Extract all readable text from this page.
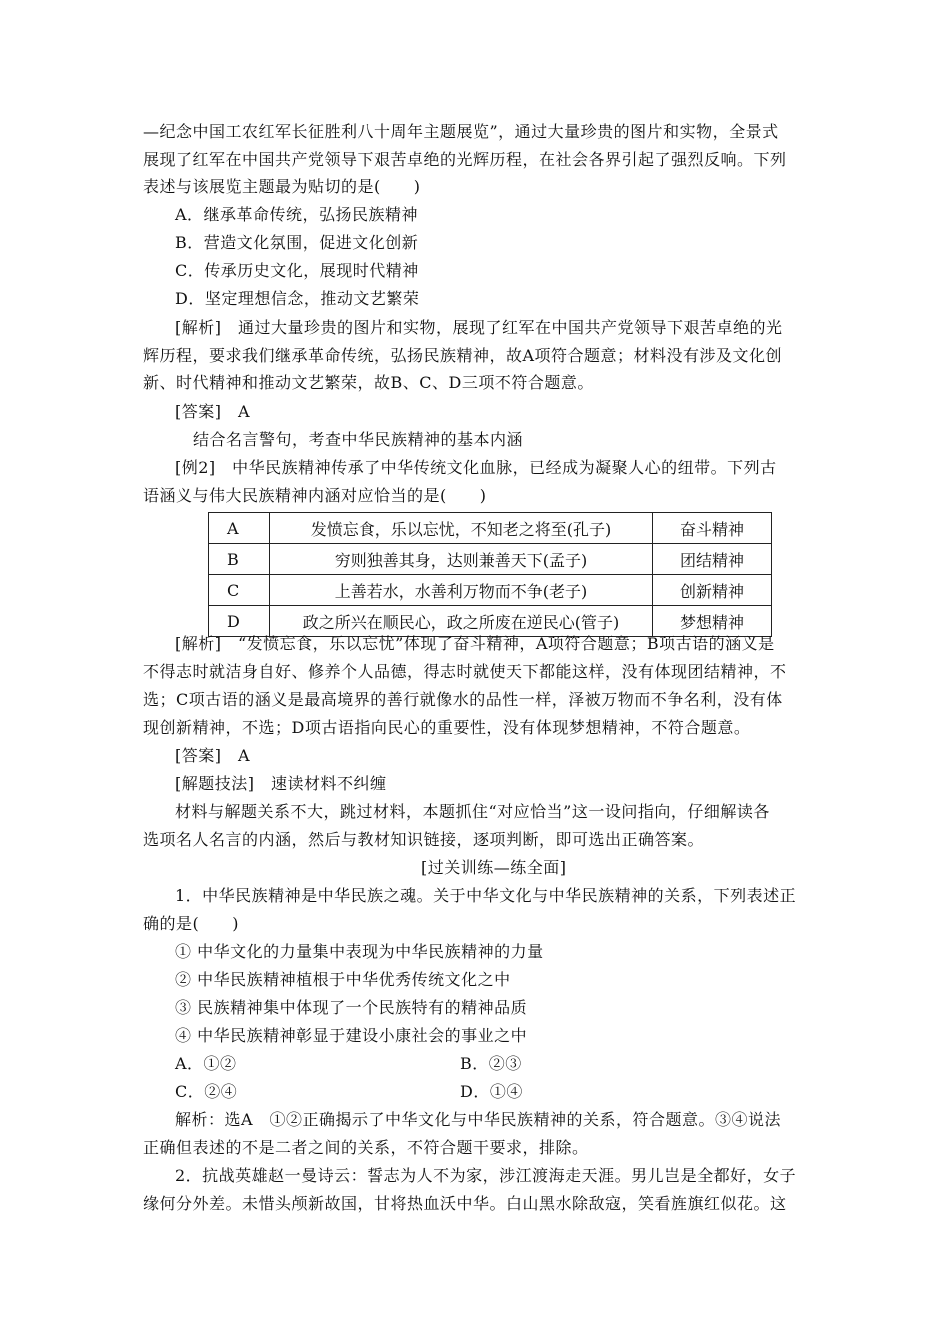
—纪念中国工农红军长征胜利八十周年主题展览”，通过大量珍贵的图片和实物，全景式
展现了红军在中国共产党领导下艰苦卓绝的光辉历程，在社会各界引起了强烈反响。下列
表述与该展览主题最为贴切的是(　　)
A．继承革命传统，弘扬民族精神
B．营造文化氛围，促进文化创新
C．传承历史文化，展现时代精神
D．坚定理想信念，推动文艺繁荣
[解析]　通过大量珍贵的图片和实物，展现了红军在中国共产党领导下艰苦卓绝的光
辉历程，要求我们继承革命传统，弘扬民族精神，故A项符合题意；材料没有涉及文化创
新、时代精神和推动文艺繁荣，故B、C、D三项不符合题意。
[答案]　A
结合名言警句，考查中华民族精神的基本内涵
[例2]　中华民族精神传承了中华传统文化血脉，已经成为凝聚人心的纽带。下列古
语涵义与伟大民族精神内涵对应恰当的是(　　)
A	发愤忘食，乐以忘忧，不知老之将至(孔子)	奋斗精神
B	穷则独善其身，达则兼善天下(孟子)	团结精神
C	上善若水，水善利万物而不争(老子)	创新精神
D	政之所兴在顺民心，政之所废在逆民心(管子)	梦想精神
[解析]　“发愤忘食，乐以忘忧”体现了奋斗精神，A项符合题意；B项古语的涵义是
不得志时就洁身自好、修养个人品德，得志时就使天下都能这样，没有体现团结精神，不
选；C项古语的涵义是最高境界的善行就像水的品性一样，泽被万物而不争名利，没有体
现创新精神，不选；D项古语指向民心的重要性，没有体现梦想精神，不符合题意。
[答案]　A
[解题技法]　速读材料不纠缠
材料与解题关系不大，跳过材料，本题抓住“对应恰当”这一设问指向，仔细解读各
选项名人名言的内涵，然后与教材知识链接，逐项判断，即可选出正确答案。
[过关训练—练全面]
1．中华民族精神是中华民族之魂。关于中华文化与中华民族精神的关系，下列表述正
确的是(　　)
① 中华文化的力量集中表现为中华民族精神的力量
② 中华民族精神植根于中华优秀传统文化之中
③ 民族精神集中体现了一个民族特有的精神品质
④ 中华民族精神彰显于建设小康社会的事业之中
A．①②	B．②③
C．②④	D．①④
解析：选A　①②正确揭示了中华文化与中华民族精神的关系，符合题意。③④说法
正确但表述的不是二者之间的关系，不符合题干要求，排除。
2．抗战英雄赵一曼诗云：誓志为人不为家，涉江渡海走天涯。男儿岂是全都好，女子
缘何分外差。未惜头颅新故国，甘将热血沃中华。白山黑水除敌寇，笑看旌旗红似花。这
